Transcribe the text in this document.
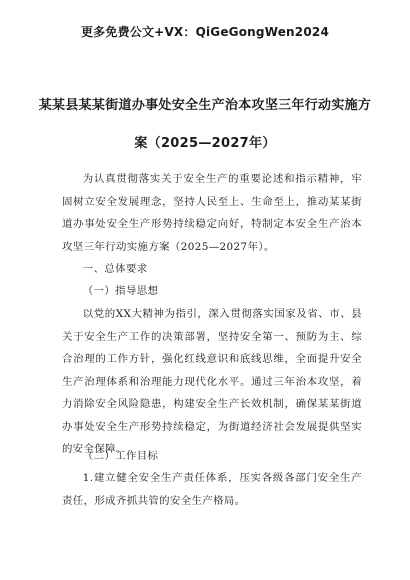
更多免费公文+VX：QiGeGongWen2024
某某县某某街道办事处安全生产治本攻坚三年行动实施方
案（2025—2027年）

为认真贯彻落实关于安全生产的重要论述和指示精神，牢固树立安全发展理念，坚持人民至上、生命至上，推动某某街道办事处安全生产形势持续稳定向好，特制定本安全生产治本攻坚三年行动实施方案（2025—2027年）。

一、总体要求

（一）指导思想

以党的XX大精神为指引，深入贯彻落实国家及省、市、县关于安全生产工作的决策部署，坚持安全第一、预防为主、综合治理的工作方针，强化红线意识和底线思维，全面提升安全生产治理体系和治理能力现代化水平。通过三年治本攻坚，着力消除安全风险隐患，构建安全生产长效机制，确保某某街道办事处安全生产形势持续稳定，为街道经济社会发展提供坚实的安全保障。

（二）工作目标

1.建立健全安全生产责任体系，压实各级各部门安全生产责任，形成齐抓共管的安全生产格局。
